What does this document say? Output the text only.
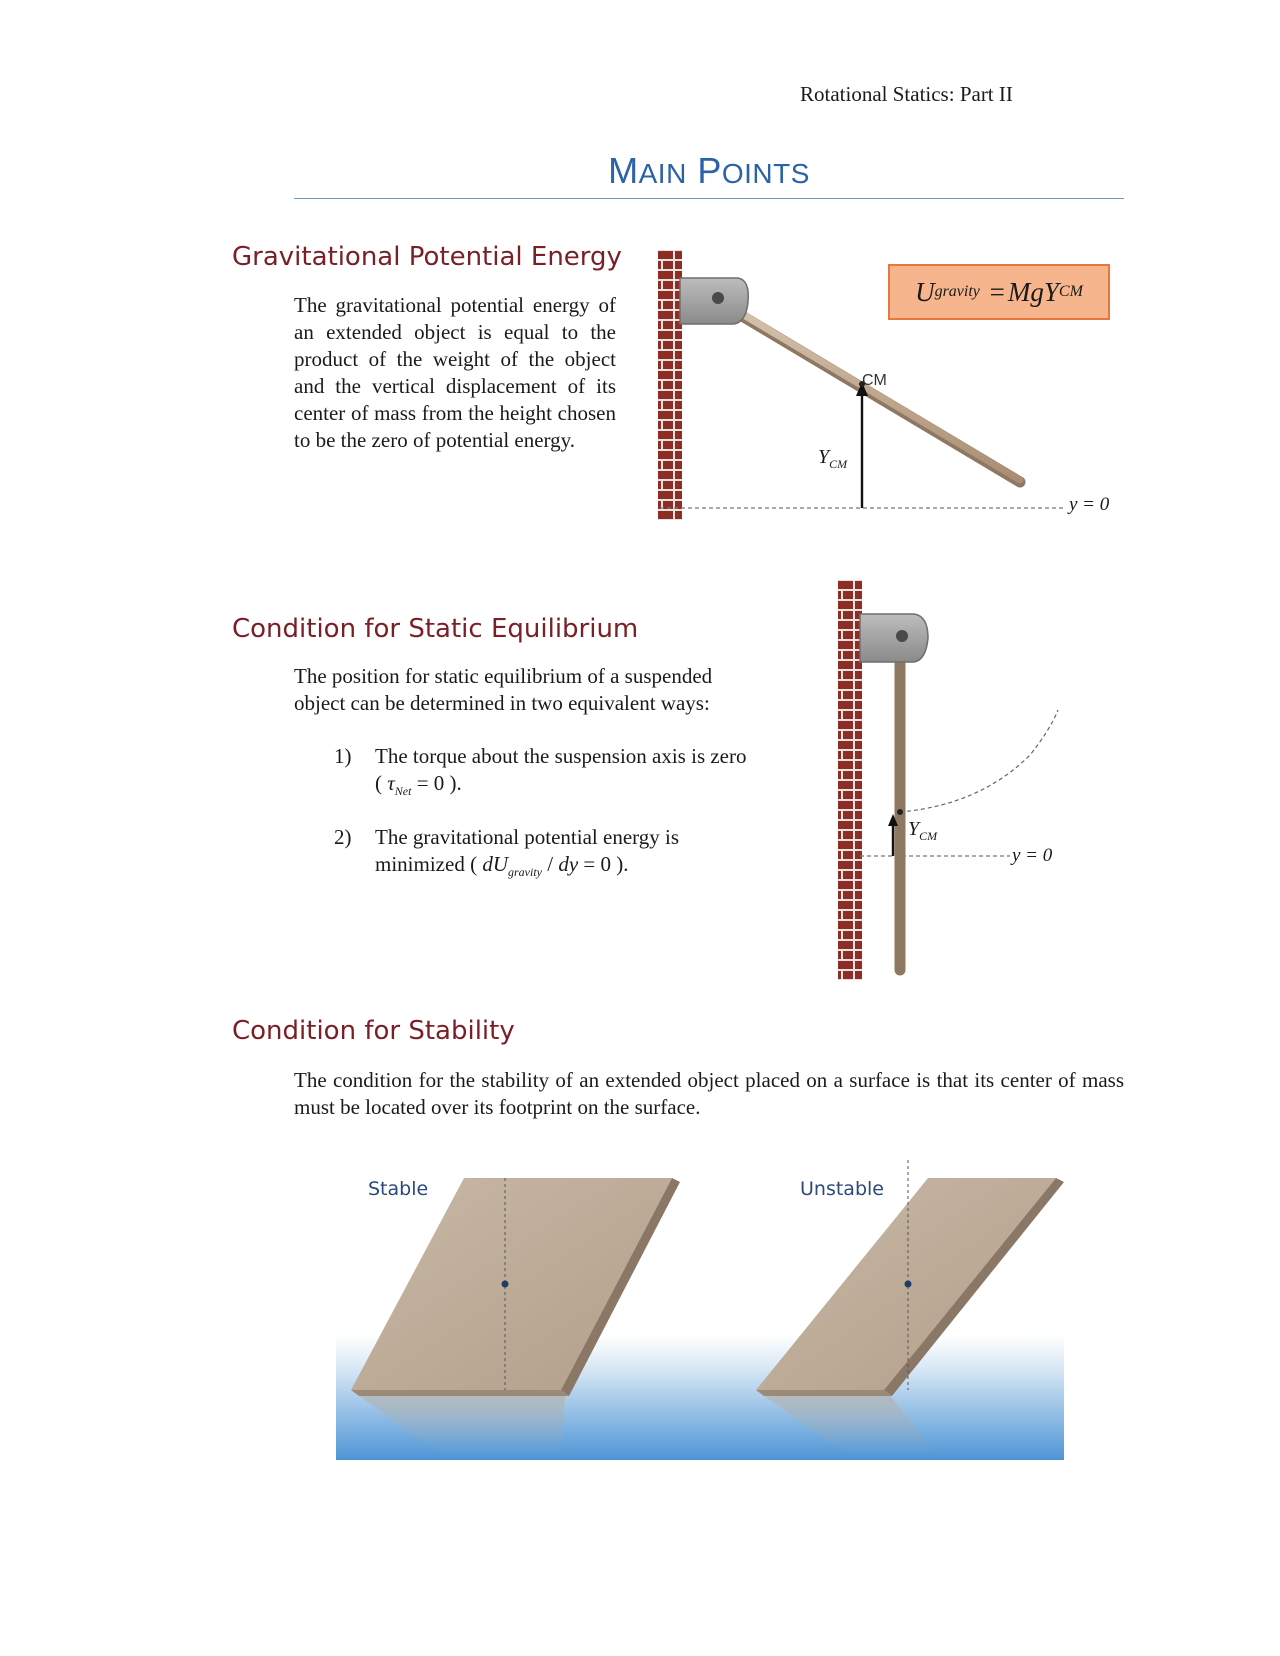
Rotational Statics: Part II
MAIN POINTS
Gravitational Potential Energy
The gravitational potential energy of an extended object is equal to the product of the weight of the object and the vertical displacement of its center of mass from the height chosen to be the zero of potential energy.
U gravity
= MgY CM
CM
$Y_{CM}$
y = 0
Condition for Static Equilibrium
The position for static equilibrium of a suspended object can be determined in two equivalent ways:
1) The torque about the suspension axis is zero
( $\tau_{Net} = 0$ ).
2) The gravitational potential energy is
minimized ( $dU_{gravity}$ / dy = 0 ).
$Y_{CM}$
y = 0
Condition for Stability
The condition for the stability of an extended object placed on a surface is that its center of mass must be located over its footprint on the surface.
Stable	Unstable
